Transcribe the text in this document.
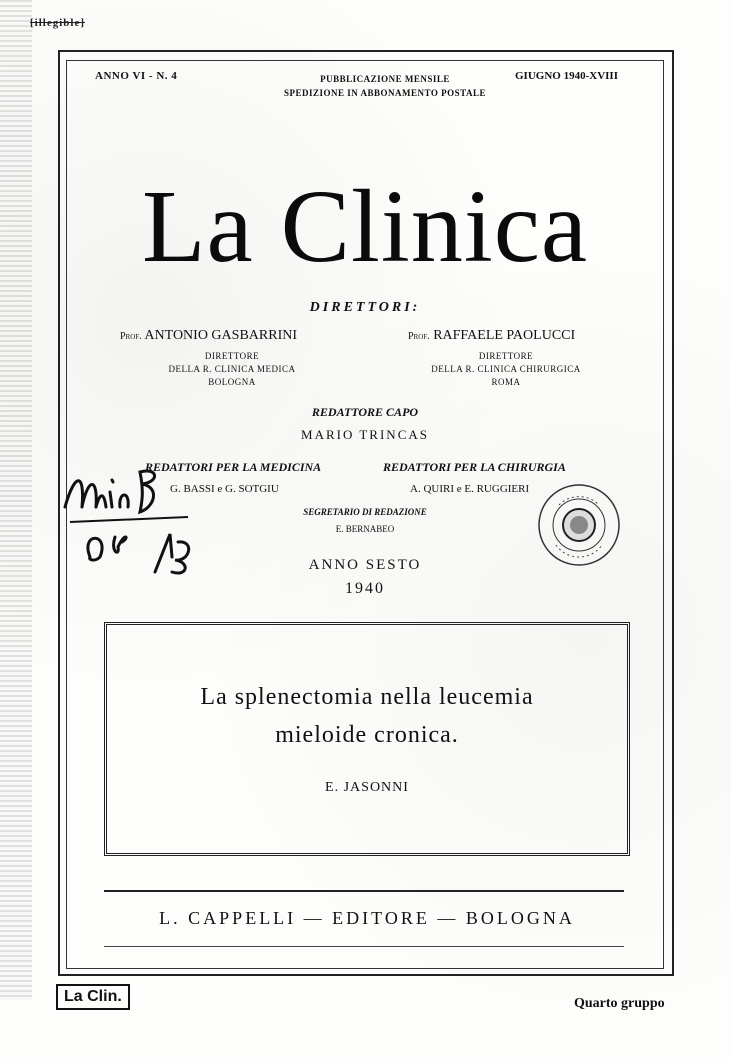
[illegible]
ANNO VI - N. 4	PUBBLICAZIONE MENSILE
SPEDIZIONE IN ABBONAMENTO POSTALE
GIUGNO 1940-XVIII
La Clinica
DIRETTORI:
Prof. ANTONIO GASBARRINI	Prof. RAFFAELE PAOLUCCI
DIRETTORE
DELLA R. CLINICA MEDICA
BOLOGNA
DIRETTORE
DELLA R. CLINICA CHIRURGICA
ROMA
REDATTORE CAPO
MARIO TRINCAS
REDATTORI PER LA MEDICINA	REDATTORI PER LA CHIRURGIA
G. BASSI e G. SOTGIU	A. QUIRI e E. RUGGIERI
SEGRETARIO DI REDAZIONE
E. BERNABEO
ANNO SESTO
1940
La splenectomia nella leucemia
mieloide cronica.
E. JASONNI
L. CAPPELLI — EDITORE — BOLOGNA
La Clin.	Quarto gruppo
